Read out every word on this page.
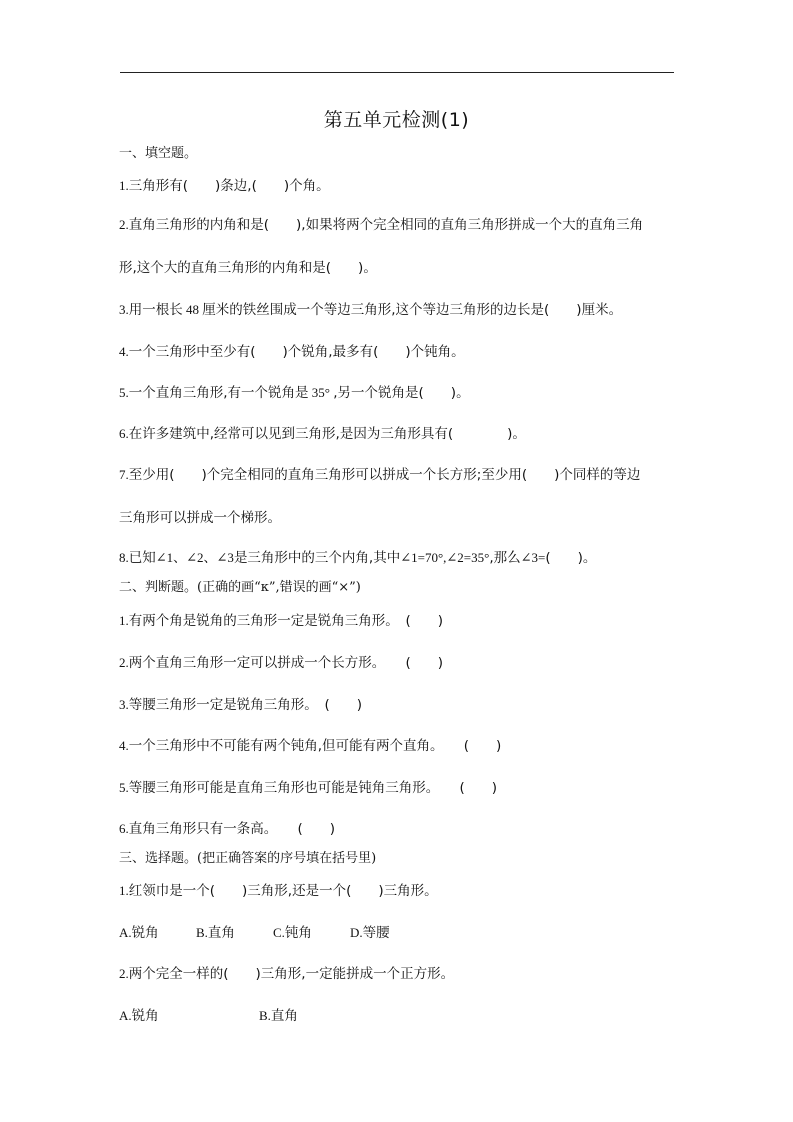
第五单元检测(1)
一、填空题。
1.三角形有(　　)条边,(　　)个角。
2.直角三角形的内角和是(　　),如果将两个完全相同的直角三角形拼成一个大的直角三角
形,这个大的直角三角形的内角和是(　　)。
3.用一根长 48 厘米的铁丝围成一个等边三角形,这个等边三角形的边长是(　　)厘米。
4.一个三角形中至少有(　　)个锐角,最多有(　　)个钝角。
5.一个直角三角形,有一个锐角是 35° ,另一个锐角是(　　)。
6.在许多建筑中,经常可以见到三角形,是因为三角形具有(　　　　)。
7.至少用(　　)个完全相同的直角三角形可以拼成一个长方形;至少用(　　)个同样的等边
三角形可以拼成一个梯形。
8.已知∠1、∠2、∠3是三角形中的三个内角,其中∠1=70°,∠2=35°,那么∠3=(　　)。
二、判断题。(正确的画“κ”,错误的画“×”)
1.有两个角是锐角的三角形一定是锐角三角形。　(　　)
2.两个直角三角形一定可以拼成一个长方形。　　(　　)
3.等腰三角形一定是锐角三角形。　(　　)
4.一个三角形中不可能有两个钝角,但可能有两个直角。　　(　　)
5.等腰三角形可能是直角三角形也可能是钝角三角形。　　(　　)
6.直角三角形只有一条高。　　(　　)
三、选择题。(把正确答案的序号填在括号里)
1.红领巾是一个(　　)三角形,还是一个(　　)三角形。
A.锐角	B.直角	C.钝角	D.等腰
2.两个完全一样的(　　)三角形,一定能拼成一个正方形。
A.锐角	B.直角
